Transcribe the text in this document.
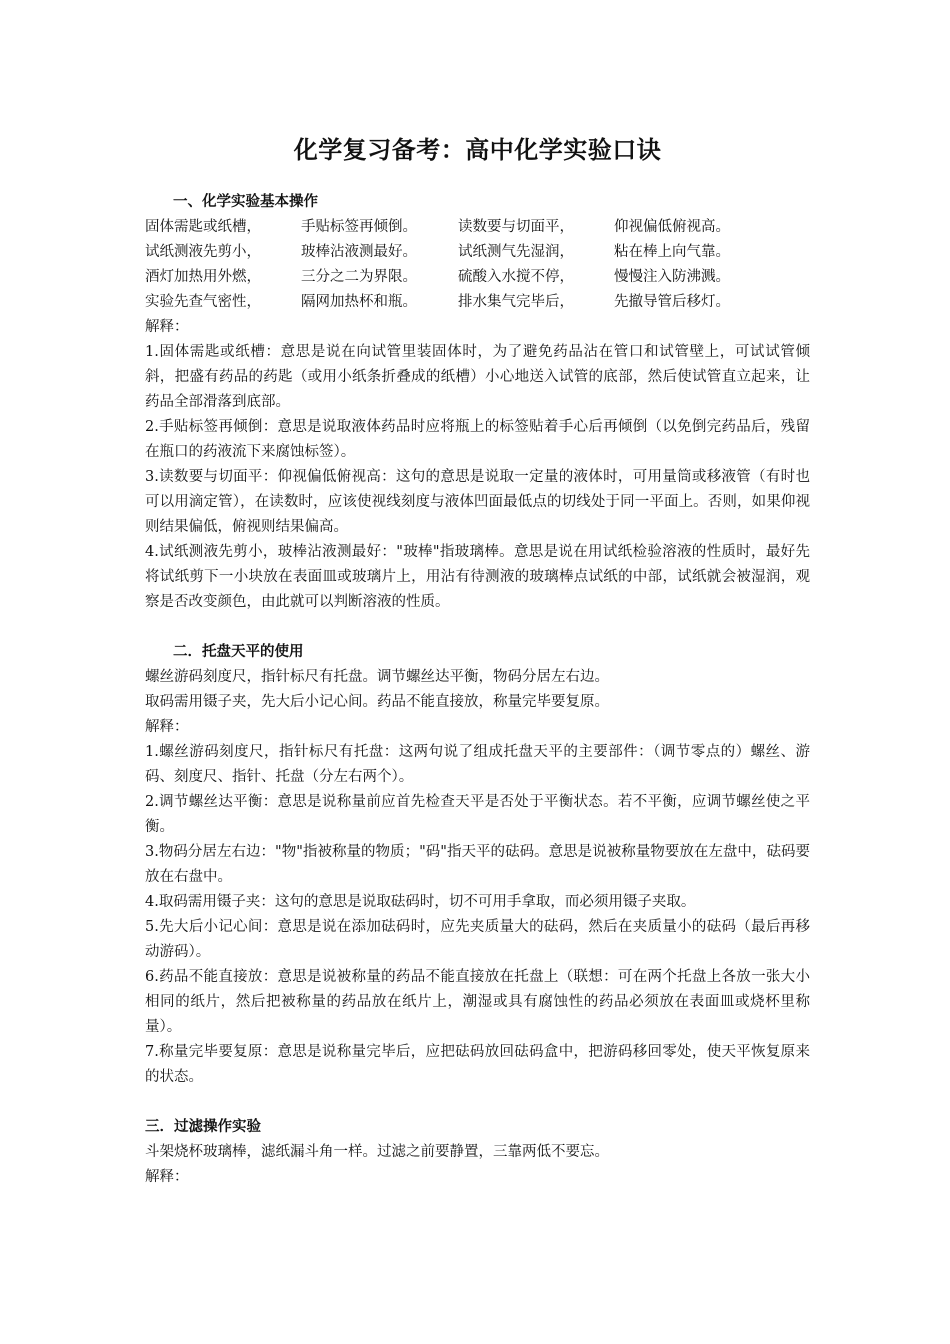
化学复习备考：高中化学实验口诀
一、化学实验基本操作
固体需匙或纸槽，	手贴标签再倾倒。	读数要与切面平，	仰视偏低俯视高。
试纸测液先剪小，	玻棒沾液测最好。	试纸测气先湿润，	粘在棒上向气靠。
酒灯加热用外燃，	三分之二为界限。	硫酸入水搅不停，	慢慢注入防沸溅。
实验先查气密性，	隔网加热杯和瓶。	排水集气完毕后，	先撤导管后移灯。
解释：
1.固体需匙或纸槽：意思是说在向试管里装固体时，为了避免药品沾在管口和试管壁上，可试试管倾斜，把盛有药品的药匙（或用小纸条折叠成的纸槽）小心地送入试管的底部，然后使试管直立起来，让药品全部滑落到底部。
2.手贴标签再倾倒：意思是说取液体药品时应将瓶上的标签贴着手心后再倾倒（以免倒完药品后，残留在瓶口的药液流下来腐蚀标签）。
3.读数要与切面平：仰视偏低俯视高：这句的意思是说取一定量的液体时，可用量筒或移液管（有时也可以用滴定管），在读数时，应该使视线刻度与液体凹面最低点的切线处于同一平面上。否则，如果仰视则结果偏低，俯视则结果偏高。
4.试纸测液先剪小，玻棒沾液测最好："玻棒"指玻璃棒。意思是说在用试纸检验溶液的性质时，最好先将试纸剪下一小块放在表面皿或玻璃片上，用沾有待测液的玻璃棒点试纸的中部，试纸就会被湿润，观察是否改变颜色，由此就可以判断溶液的性质。
二．托盘天平的使用
螺丝游码刻度尺，指针标尺有托盘。调节螺丝达平衡，物码分居左右边。
取码需用镊子夹，先大后小记心间。药品不能直接放，称量完毕要复原。
解释：
1.螺丝游码刻度尺，指针标尺有托盘：这两句说了组成托盘天平的主要部件：（调节零点的）螺丝、游码、刻度尺、指针、托盘（分左右两个）。
2.调节螺丝达平衡：意思是说称量前应首先检查天平是否处于平衡状态。若不平衡，应调节螺丝使之平衡。
3.物码分居左右边："物"指被称量的物质；"码"指天平的砝码。意思是说被称量物要放在左盘中，砝码要放在右盘中。
4.取码需用镊子夹：这句的意思是说取砝码时，切不可用手拿取，而必须用镊子夹取。
5.先大后小记心间：意思是说在添加砝码时，应先夹质量大的砝码，然后在夹质量小的砝码（最后再移动游码）。
6.药品不能直接放：意思是说被称量的药品不能直接放在托盘上（联想：可在两个托盘上各放一张大小相同的纸片，然后把被称量的药品放在纸片上，潮湿或具有腐蚀性的药品必须放在表面皿或烧杯里称量）。
7.称量完毕要复原：意思是说称量完毕后，应把砝码放回砝码盒中，把游码移回零处，使天平恢复原来的状态。
三．过滤操作实验
斗架烧杯玻璃棒，滤纸漏斗角一样。过滤之前要静置，三靠两低不要忘。
解释：
